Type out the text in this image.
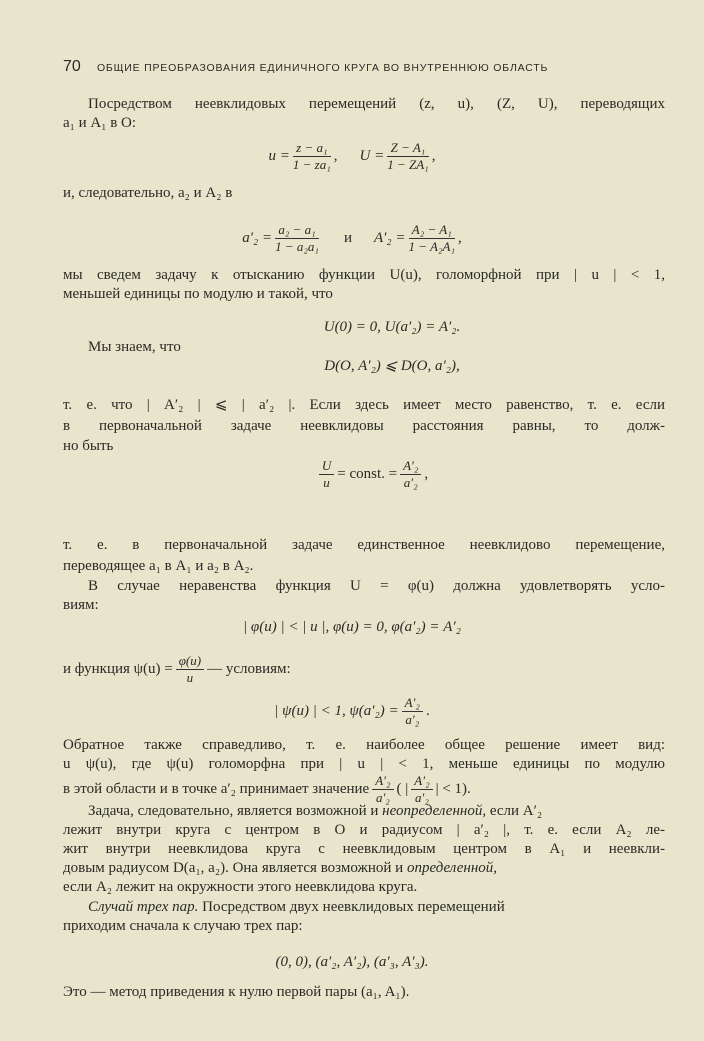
70 ОБЩИЕ ПРЕОБРАЗОВАНИЯ ЕДИНИЧНОГО КРУГА ВО ВНУТРЕННЮЮ ОБЛАСТЬ
Посредством неевклидовых перемещений (z, u), (Z, U), переводящих
a₁ и A₁ в O:
$u = \frac{\text{z − a₁}}{\text{1 − za₁}}$ , $U = \frac{\text{Z − A₁}}{\text{1 − ZA₁}}$ ,
и, следовательно, a₂ и A₂ в
$a'_2 = \frac{\text{a₂ − a₁}}{\text{1 − a₂a₁}}$ и $A'_2 = \frac{\text{A₂ − A₁}}{\text{1 − A₂A₁}}$ ,
мы сведем задачу к отысканию функции U(u), голоморфной при | u | < 1,
меньшей единицы по модулю и такой, что
U(0) = 0, U(a′₂) = A′₂.
Мы знаем, что
D(O, A′₂) ⩽ D(O, a′₂),
т. е. что | A′₂ | ⩽ | a′₂ |. Если здесь имеет место равенство, т. е. если
в первоначальной задаче неевклидовы расстояния равны, то долж-
но быть
$\frac{U}{u}$ = const. = $\frac{\text{A′₂}}{\text{a′₂}}$ ,
т. е. в первоначальной задаче единственное неевклидово перемещение,
переводящее a₁ в A₁ и a₂ в A₂.
В случае неравенства функция U = φ(u) должна удовлетворять усло-
виям:
| φ(u) | < | u |, φ(u) = 0, φ(a′₂) = A′₂
и функция $\psi(u) = \frac{\varphi(u)}{u}$ — условиям:
| ψ(u) | < 1, $\psi(a'_2) = \frac{\text{A′₂}}{\text{a′₂}}$ .
Обратное также справедливо, т. е. наиболее общее решение имеет вид:
u ψ(u), где ψ(u) голоморфна при | u | < 1, меньше единицы по модулю
в этой области и в точке a′₂ принимает значение $\frac{\text{A′₂}}{\text{a′₂}}$ ( | $\frac{\text{A′₂}}{\text{a′₂}}$ | < 1).
Задача, следовательно, является возможной и неопределенной, если A′₂
лежит внутри круга с центром в O и радиусом | a′₂ |, т. е. если A₂ ле-
жит внутри неевклидова круга с неевклидовым центром в A₁ и неевкли-
довым радиусом D(a₁, a₂). Она является возможной и определенной,
если A₂ лежит на окружности этого неевклидова круга.
Случай трех пар. Посредством двух неевклидовых перемещений
приходим сначала к случаю трех пар:
(0, 0), (a′₂, A′₂), (a′₃, A′₃).
Это — метод приведения к нулю первой пары (a₁, A₁).
